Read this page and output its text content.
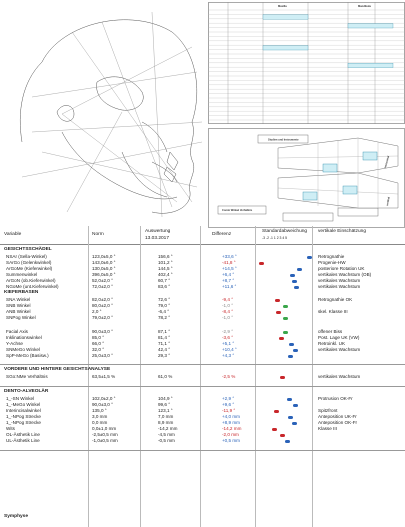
Maxilla	Mandibula
Studien und Instrumente
Comm Winkel Verhältnis
horizontal
vertikal
Variable	Norm
Auswertung
13.03.2017
Differenz
Standardabweichung
-3 -2 -1 1 2 3 4 5
vertikale Einschätzung
GESICHTSSCHÄDEL
NSAr (Sella-Winkel)	123,0±5,0 °	156,6 °	+33,6 °	Retrognathie
SArGo (Gelenkwinkel)	143,0±6,0 °	101,2 °	-41,8 °	Progenie-HW
ArGoMe (Kieferwinkel)	130,0±5,0 °	144,5 °	+14,5 °	posteriore Rotation UK
Summenwinkel	396,0±5,0 °	402,4 °	+6,4 °	vertikales Wachstum (OB)
ArGoN (ob.Kieferwinkel)	52,0±2,0 °	60,7 °	+8,7 °	vertikales Wachstum
NGoMe (unt.Kieferwinkel)	72,0±2,0 °	83,6 °	+11,6 °	vertikales Wachstum
KIEFERBASEN
SNA Winkel	82,0±2,0 °	72,6 °	-9,4 °	Retrognathie OK
SNB Winkel	80,0±2,0 °	79,0 °	-1,0 °
ANB Winkel	2,0 °	-6,4 °	-8,4 °	skel. Klasse III
SNPog Winkel	79,0±2,0 °	78,2 °	-1,0 °
Facial Axis	90,0±3,0 °	87,1 °	-2,9 °	offener Biss
Inklinationswinkel	85,0 °	81,4 °	-3,6 °	Post. Lage UK (VW)
Y-Achse	66,0 °	71,1 °	+5,1 °	Retroinkl. UK
SNMeGo Winkel	32,0 °	42,4 °	+10,4 °	vertikales Wachstum
SpP-MeGo (Basisw.)	25,0±3,0 °	29,3 °	+4,3 °
VORDERE UND HINTERE GESICHTSANALYSE
SGo:NMe Verhältnis	63,5±1,5 %	61,0 %	-2,5 %	vertikales Wachstum
DENTO-ALVEOLÄR
1_-SN Winkel	102,0±2,0 °	104,9 °	+2,9 °	Protrusion OK-Fr
1_-MeGo Winkel	90,0±3,0 °	99,6 °	+9,6 °
Interincisalwinkel	135,0 °	123,1 °	-11,9 °	Spitzfront
1_-NPog Strecke	3,0 mm	7,0 mm	+4,0 mm	Anteposition UK-Fr
1_-NPog Strecke	0,0 mm	8,9 mm	+8,9 mm	Anteposition OK-Fr
Wits	0,0±1,0 mm	-14,2 mm	-14,2 mm	Klasse III
OL-Ästhetik Line	-2,5±0,5 mm	-4,5 mm	-2,0 mm
UL-Ästhetik Line	-1,0±0,5 mm	-0,5 mm	+0,5 mm
Symphyse
